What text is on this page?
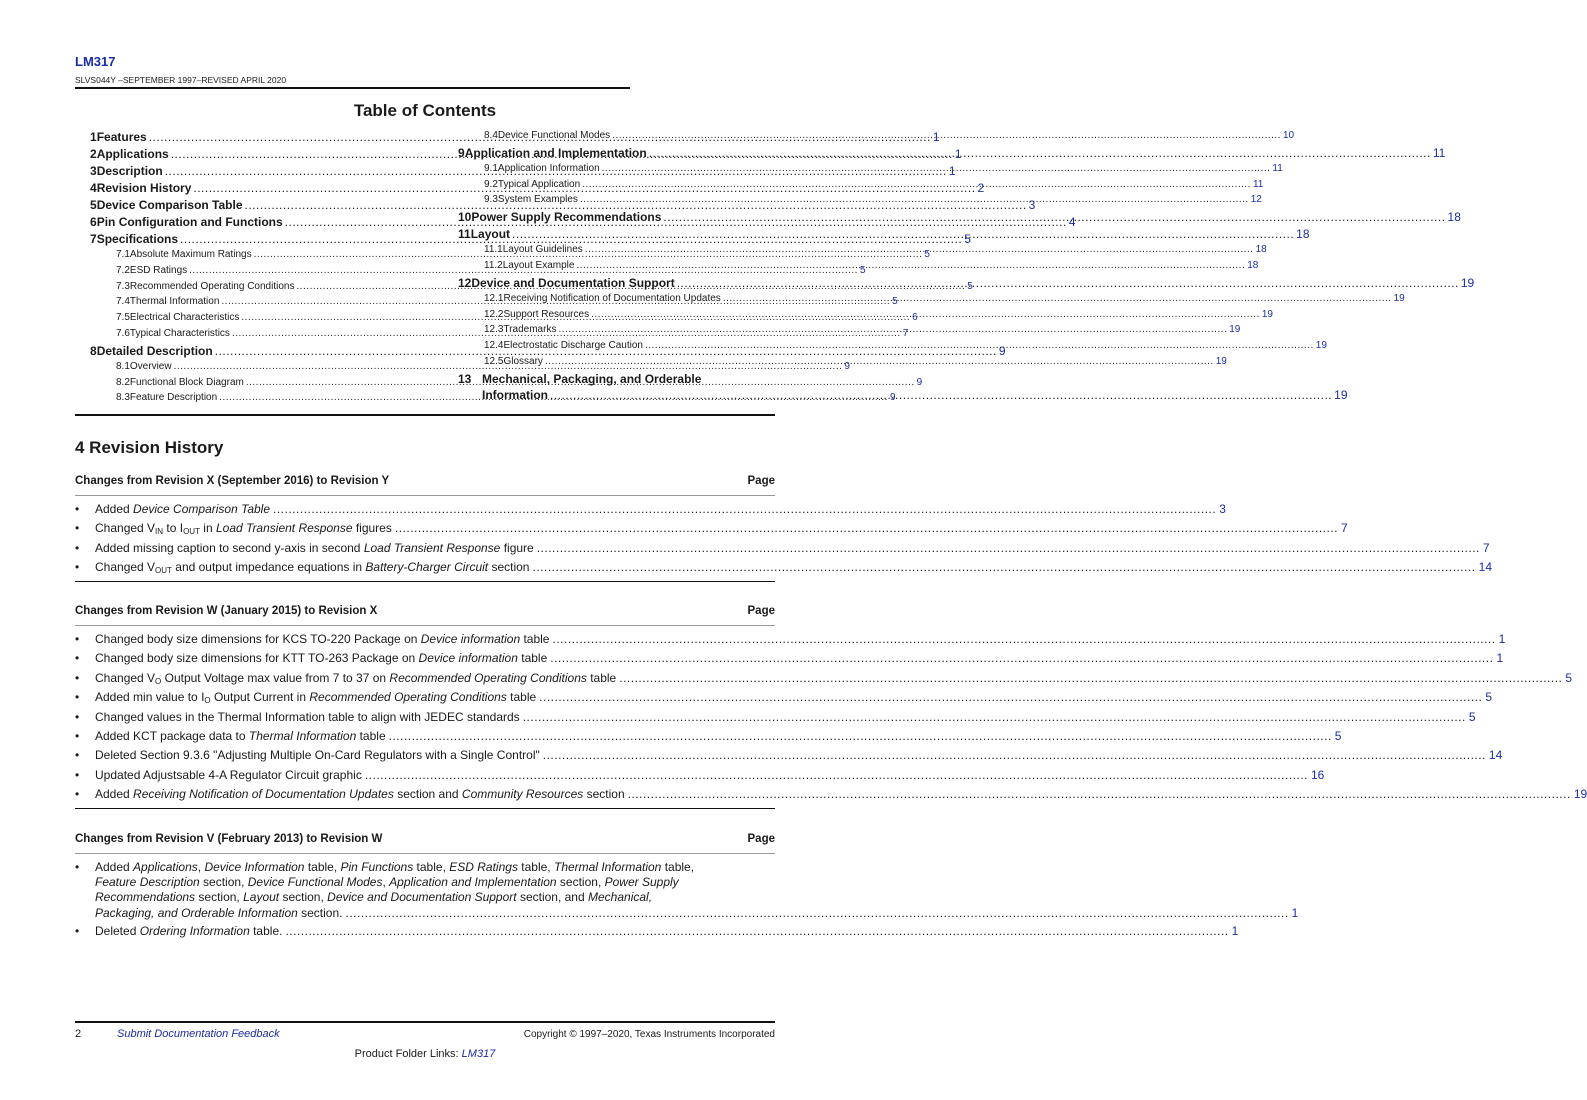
LM317
SLVS044Y –SEPTEMBER 1997–REVISED APRIL 2020
Table of Contents
1 Features .....	1
2 Applications .....	1
3 Description .....	1
4 Revision History .....	2
5 Device Comparison Table .....	3
6 Pin Configuration and Functions .....	4
7 Specifications .....	5
7.1 Absolute Maximum Ratings .....	5
7.2 ESD Ratings .....	5
7.3 Recommended Operating Conditions .....	5
7.4 Thermal Information .....	5
7.5 Electrical Characteristics .....	6
7.6 Typical Characteristics .....	7
8 Detailed Description .....	9
8.1 Overview .....	9
8.2 Functional Block Diagram .....	9
8.3 Feature Description .....	9
8.4 Device Functional Modes .....	10
9 Application and Implementation .....	11
9.1 Application Information .....	11
9.2 Typical Application .....	11
9.3 System Examples .....	12
10 Power Supply Recommendations .....	18
11 Layout .....	18
11.1 Layout Guidelines .....	18
11.2 Layout Example .....	18
12 Device and Documentation Support .....	19
12.1 Receiving Notification of Documentation Updates .....	19
12.2 Support Resources .....	19
12.3 Trademarks .....	19
12.4 Electrostatic Discharge Caution .....	19
12.5 Glossary .....	19
13 Mechanical, Packaging, and Orderable
Information .....	19
4 Revision History
Changes from Revision X (September 2016) to Revision Y	Page
•	Added Device Comparison Table .....	3
•	Changed $V_{IN}$ to $I_{OUT}$ in Load Transient Response figures .....	7
•	Added missing caption to second y-axis in second Load Transient Response figure .....	7
•	Changed $V_{OUT}$ and output impedance equations in Battery-Charger Circuit section .....	14
Changes from Revision W (January 2015) to Revision X	Page
•	Changed body size dimensions for KCS TO-220 Package on Device information table .....	1
•	Changed body size dimensions for KTT TO-263 Package on Device information table .....	1
•	Changed $V_O$ Output Voltage max value from 7 to 37 on Recommended Operating Conditions table .....	5
•	Added min value to $I_O$ Output Current in Recommended Operating Conditions table .....	5
•	Changed values in the Thermal Information table to align with JEDEC standards .....	5
•	Added KCT package data to Thermal Information table .....	5
•	Deleted Section 9.3.6 "Adjusting Multiple On-Card Regulators with a Single Control" .....	14
•	Updated Adjustsable 4-A Regulator Circuit graphic .....	16
•	Added Receiving Notification of Documentation Updates section and Community Resources section .....	19
Changes from Revision V (February 2013) to Revision W	Page
•	Added Applications, Device Information table, Pin Functions table, ESD Ratings table, Thermal Information table,
Feature Description section, Device Functional Modes, Application and Implementation section, Power Supply
Recommendations section, Layout section, Device and Documentation Support section, and Mechanical,
Packaging, and Orderable Information section. .....	1
•	Deleted Ordering Information table. .....	1
2	Submit Documentation Feedback	Copyright © 1997–2020, Texas Instruments Incorporated
Product Folder Links: LM317
